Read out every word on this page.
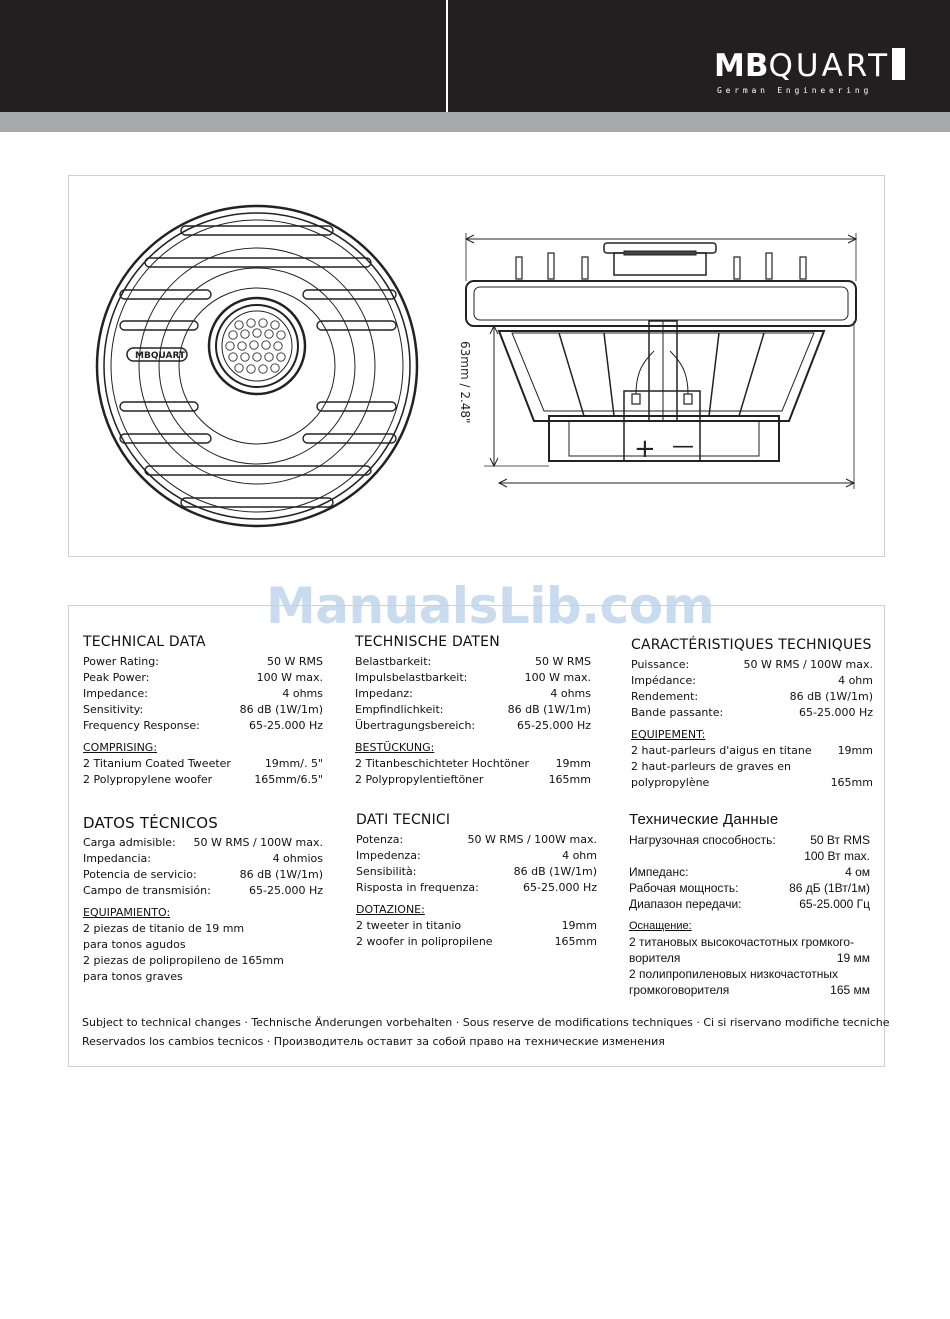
MBQUART
German Engineering
MBQUART
+ —
63mm / 2.48"
ManualsLib.com
TECHNICAL DATA
Power Rating:	50 W RMS
Peak Power:	100 W max.
Impedance:	4 ohms
Sensitivity:	86 dB (1W/1m)
Frequency Response:	65-25.000 Hz
COMPRISING:
2 Titanium Coated Tweeter	19mm/. 5"
2 Polypropylene woofer	165mm/6.5"
TECHNISCHE DATEN
Belastbarkeit:	50 W RMS
Impulsbelastbarkeit:	100 W max.
Impedanz:	4 ohms
Empfindlichkeit:	86 dB (1W/1m)
Übertragungsbereich:	65-25.000 Hz
BESTÜCKUNG:
2 Titanbeschichteter Hochtöner 19mm
2 Polypropylentieftöner	165mm
CARACTÉRISTIQUES TECHNIQUES
Puissance:	50 W RMS / 100W max.
Impédance:	4 ohm
Rendement:	86 dB (1W/1m)
Bande passante:	65-25.000 Hz
EQUIPEMENT:
2 haut-parleurs d'aigus en titane 19mm
2 haut-parleurs de graves en
polypropylène	165mm
DATOS TÉCNICOS
Carga admisible: 50 W RMS / 100W max.
Impedancia:	4 ohmios
Potencia de servicio:	86 dB (1W/1m)
Campo de transmisión:	65-25.000 Hz
EQUIPAMIENTO:
2 piezas de titanio de 19 mm
para tonos agudos
2 piezas de polipropileno de 165mm
para tonos graves
DATI TECNICI
Potenza:	50 W RMS / 100W max.
Impedenza:	4 ohm
Sensibilità:	86 dB (1W/1m)
Risposta in frequenza:	65-25.000 Hz
DOTAZIONE:
2 tweeter in titanio	19mm
2 woofer in polipropilene	165mm
Технические Данные
Нагрузочная способность:	50 Вт RMS
100 Вт max.
Импеданс:	4 ом
Рабочая мощность:	86 дБ (1Вт/1м)
Диапазон передачи:	65-25.000 Гц
Оснащение:
2 титановых высокочастотных громкого-
ворителя	19 мм
2 полипропиленовых низкочастотных
громкоговорителя	165 мм
Subject to technical changes · Technische Änderungen vorbehalten · Sous reserve de modifications techniques · Ci si riservano modifiche tecniche
Reservados los cambios tecnicos · Производитель оставит за собой право на технические изменения
